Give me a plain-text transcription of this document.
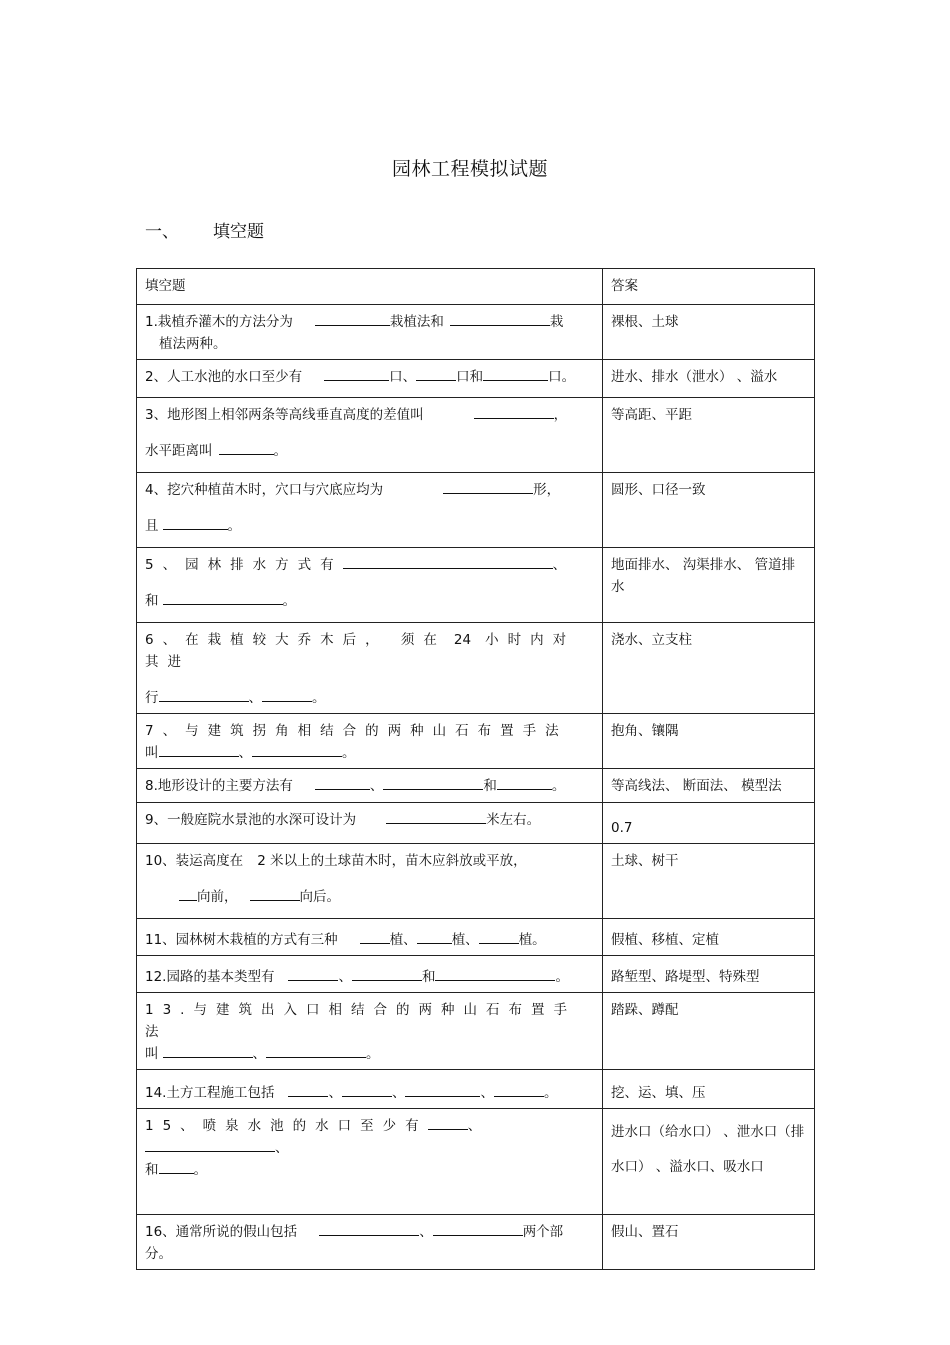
园林工程模拟试题
一、 填空题
填空题	答案
1.栽植乔灌木的方法分为 栽植法和 栽
植法两种。	裸根、土球
2、人工水池的水口至少有 口、 口和 口。	进水、排水（泄水） 、溢水
3、地形图上相邻两条等高线垂直高度的差值叫 ，
水平距离叫 。	等高距、平距
4、挖穴种植苗木时，穴口与穴底应均为 形，
且 。	圆形、口径一致
5、园林排水方式有 、
和 。	地面排水、 沟渠排水、 管道排水
6、在栽植较大乔木后， 须在 24 小时内对其进
行 、 。	浇水、立支柱
7、与建筑拐角相结合的两种山石布置手法
叫 、 。	抱角、镶隅
8.地形设计的主要方法有 、 和 。	等高线法、 断面法、 模型法
9、一般庭院水景池的水深可设计为 米左右。	0.7
10、装运高度在 2 米以上的土球苗木时，苗木应斜放或平放，
向前， 向后。	土球、树干
11、园林树木栽植的方式有三种 植、 植、 植。	假植、移植、定植
12.园路的基本类型有 、 和 。	路堑型、路堤型、特殊型
13.与建筑出入口相结合的两种山石布置手法
叫 、 。	踏跺、蹲配
14.土方工程施工包括 、 、 、 。	挖、运、填、压
15、喷泉水池的水口至少有 、、
和 。	进水口（给水口） 、泄水口（排水口） 、溢水口、吸水口
16、通常所说的假山包括 、 两个部
分。	假山、置石
